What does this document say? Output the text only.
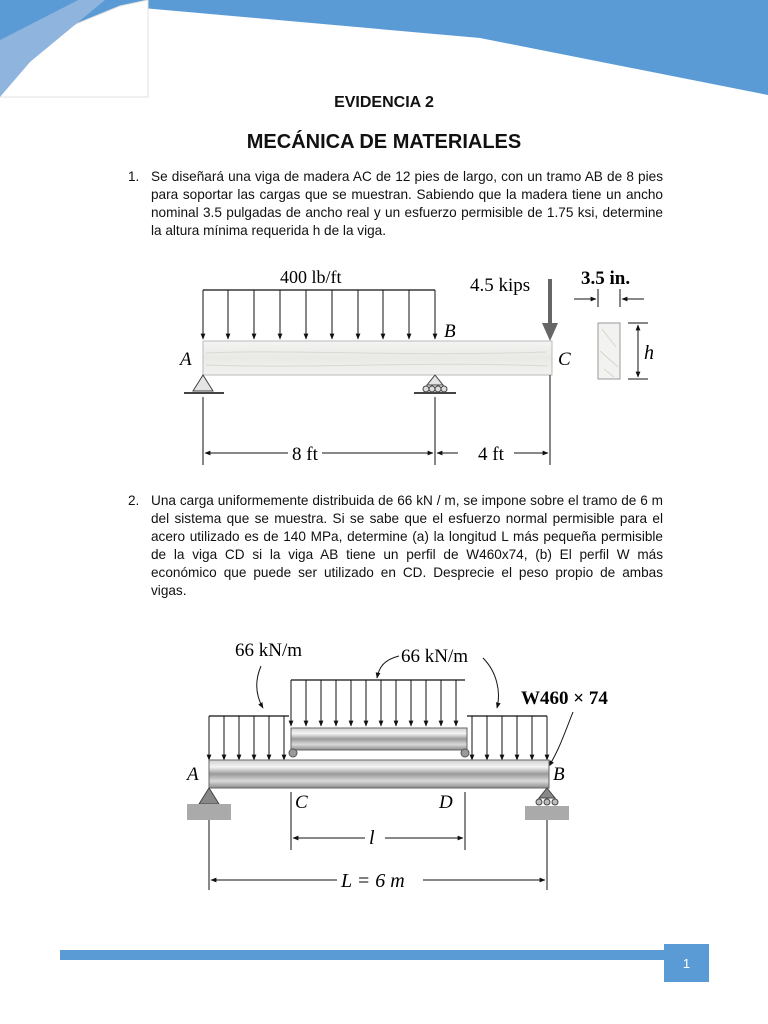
EVIDENCIA 2
MECÁNICA DE MATERIALES
1. Se diseñará una viga de madera AC de 12 pies de largo, con un tramo AB de 8 pies para soportar las cargas que se muestran. Sabiendo que la madera tiene un ancho nominal 3.5 pulgadas de ancho real y un esfuerzo permisible de 1.75 ksi, determine la altura mínima requerida h de la viga.
400 lb/ft	4.5 kips
A
B
C
8 ft	4 ft
3.5 in.
h
2. Una carga uniformemente distribuida de 66 kN / m, se impone sobre el tramo de 6 m del sistema que se muestra. Si se sabe que el esfuerzo normal permisible para el acero utilizado es de 140 MPa, determine (a) la longitud L más pequeña permisible de la viga CD si la viga AB tiene un perfil de W460x74, (b) El perfil W más económico que puede ser utilizado en CD. Desprecie el peso propio de ambas vigas.
66 kN/m	66 kN/m
W460 × 74
A	B
C	D
l
L = 6 m
1
